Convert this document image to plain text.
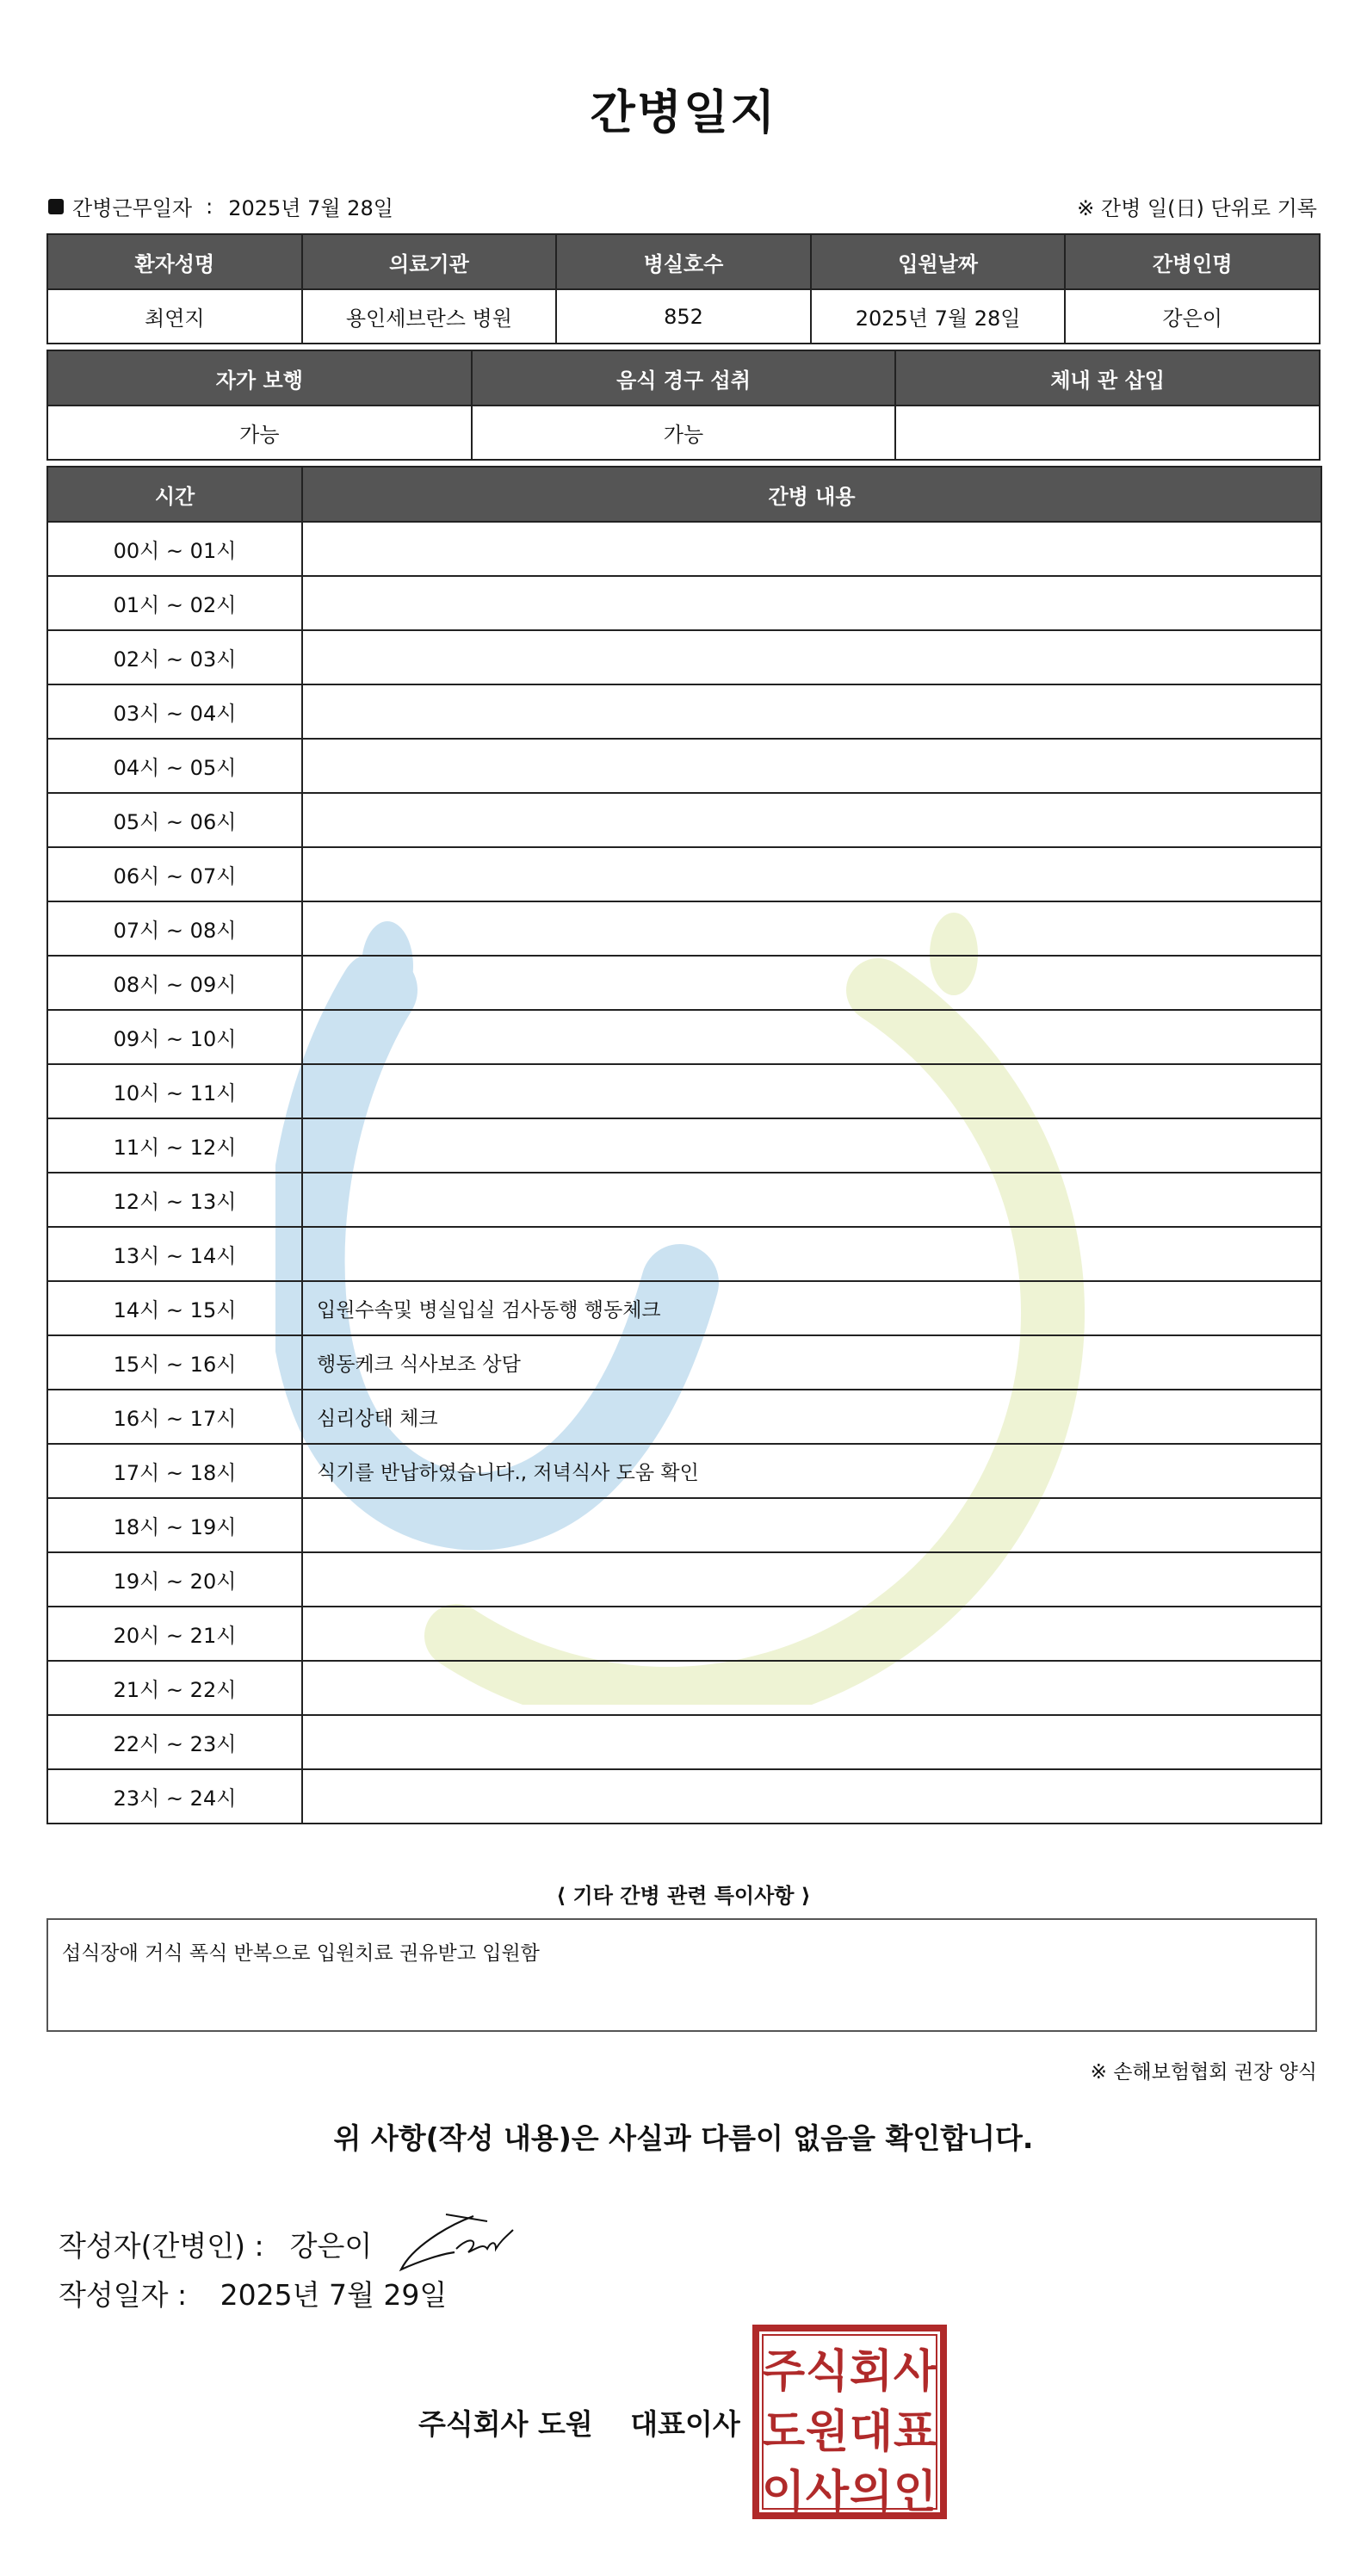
간병일지
간병근무일자 : 2025년 7월 28일	※ 간병 일(日) 단위로 기록
환자성명	의료기관	병실호수	입원날짜	간병인명
최연지	용인세브란스 병원	852	2025년 7월 28일	강은이
자가 보행	음식 경구 섭취	체내 관 삽입
가능	가능	
시간	간병 내용
00시 ~ 01시	
01시 ~ 02시	
02시 ~ 03시	
03시 ~ 04시	
04시 ~ 05시	
05시 ~ 06시	
06시 ~ 07시	
07시 ~ 08시	
08시 ~ 09시	
09시 ~ 10시	
10시 ~ 11시	
11시 ~ 12시	
12시 ~ 13시	
13시 ~ 14시	
14시 ~ 15시	입원수속및 병실입실 검사동행 행동체크
15시 ~ 16시	행동케크 식사보조 상담
16시 ~ 17시	심리상태 체크
17시 ~ 18시	식기를 반납하였습니다., 저녁식사 도움 확인
18시 ~ 19시	
19시 ~ 20시	
20시 ~ 21시	
21시 ~ 22시	
22시 ~ 23시	
23시 ~ 24시	
⟨ 기타 간병 관련 특이사항 ⟩
섭식장애 거식 폭식 반복으로 입원치료 권유받고 입원함
※ 손해보험협회 권장 양식
위 사항(작성 내용)은 사실과 다름이 없음을 확인합니다.
작성자(간병인) : 강은이
작성일자 : 2025년 7월 29일
주식회사 도원 대표이사
주 식 회 사
도 원 대 표
이 사 의 인
